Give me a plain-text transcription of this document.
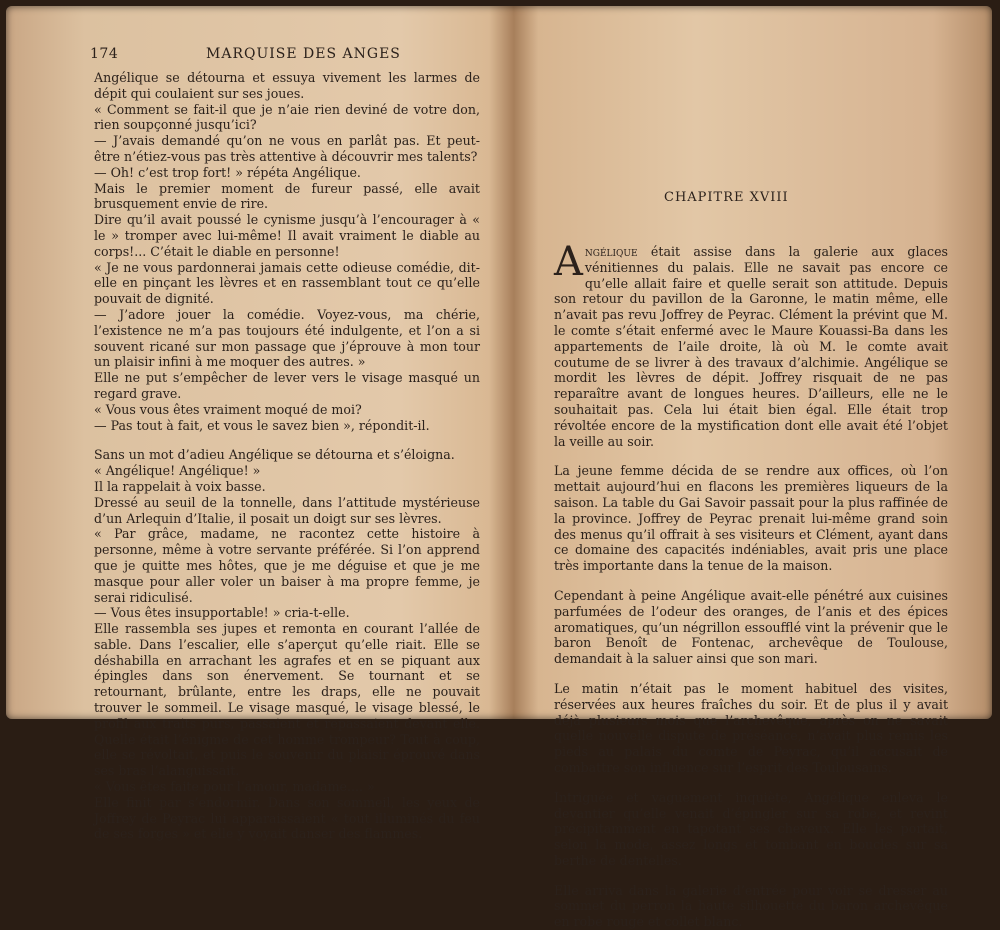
174	MARQUISE DES ANGES

Angélique se détourna et essuya vivement les larmes de dépit qui coulaient sur ses joues.

« Comment se fait-il que je n’aie rien deviné de votre don, rien soupçonné jusqu’ici?

— J’avais demandé qu’on ne vous en parlât pas. Et peut-être n’étiez-vous pas très attentive à découvrir mes talents?

— Oh! c’est trop fort! » répéta Angélique.

Mais le premier moment de fureur passé, elle avait brusquement envie de rire.

Dire qu’il avait poussé le cynisme jusqu’à l’encourager à « le » tromper avec lui-même! Il avait vraiment le diable au corps!... C’était le diable en personne!

« Je ne vous pardonnerai jamais cette odieuse comédie, dit-elle en pinçant les lèvres et en rassemblant tout ce qu’elle pouvait de dignité.

— J’adore jouer la comédie. Voyez-vous, ma chérie, l’existence ne m’a pas toujours été indulgente, et l’on a si souvent ricané sur mon passage que j’éprouve à mon tour un plaisir infini à me moquer des autres. »

Elle ne put s’empêcher de lever vers le visage masqué un regard grave.

« Vous vous êtes vraiment moqué de moi?

— Pas tout à fait, et vous le savez bien », répondit-il.

Sans un mot d’adieu Angélique se détourna et s’éloigna.

« Angélique! Angélique! »

Il la rappelait à voix basse.

Dressé au seuil de la tonnelle, dans l’attitude mystérieuse d’un Arlequin d’Italie, il posait un doigt sur ses lèvres.

« Par grâce, madame, ne racontez cette histoire à personne, même à votre servante préférée. Si l’on apprend que je quitte mes hôtes, que je me déguise et que je me masque pour aller voler un baiser à ma propre femme, je serai ridiculisé.

— Vous êtes insupportable! » cria-t-elle.

Elle rassembla ses jupes et remonta en courant l’allée de sable. Dans l’escalier, elle s’aperçut qu’elle riait. Elle se déshabilla en arrachant les agrafes et en se piquant aux épingles dans son énervement. Se tournant et se retournant, brûlante, entre les draps, elle ne pouvait trouver le sommeil. Le visage masqué, le visage blessé, le profil aux traits purs, passaient et repassaient devant elle. Quelle était l’énigme de cet homme trompeur? Tout à coup, elle se révoltait, et puis le souvenir du plaisir éprouvé dans ses bras l’alanguissait.

« Vous êtes faite pour l’amour, madame.... »

Elle finit par s’endormir. Dans son sommeil, les yeux de Joffrey de Peyrac lui apparaissaient « tout illuminés du feu de ses forges » et elle y voyait danser des flammes.

CHAPITRE XVIII

Angélique était assise dans la galerie aux glaces vénitiennes du palais. Elle ne savait pas encore ce qu’elle allait faire et quelle serait son attitude. Depuis son retour du pavillon de la Garonne, le matin même, elle n’avait pas revu Joffrey de Peyrac. Clément la prévint que M. le comte s’était enfermé avec le Maure Kouassi-Ba dans les appartements de l’aile droite, là où M. le comte avait coutume de se livrer à des travaux d’alchimie. Angélique se mordit les lèvres de dépit. Joffrey risquait de ne pas reparaître avant de longues heures. D’ailleurs, elle ne le souhaitait pas. Cela lui était bien égal. Elle était trop révoltée encore de la mystification dont elle avait été l’objet la veille au soir.

La jeune femme décida de se rendre aux offices, où l’on mettait aujourd’hui en flacons les premières liqueurs de la saison. La table du Gai Savoir passait pour la plus raffinée de la province. Joffrey de Peyrac prenait lui-même grand soin des menus qu’il offrait à ses visiteurs et Clément, ayant dans ce domaine des capacités indéniables, avait pris une place très importante dans la tenue de la maison.

Cependant à peine Angélique avait-elle pénétré aux cuisines parfumées de l’odeur des oranges, de l’anis et des épices aromatiques, qu’un négrillon essoufflé vint la prévenir que le baron Benoît de Fontenac, archevêque de Toulouse, demandait à la saluer ainsi que son mari.

Le matin n’était pas le moment habituel des visites, réservées aux heures fraîches du soir. Et de plus il y avait déjà plusieurs mois que l’archevêque, après on ne savait quelle nouvelle dispute de préséance, n’avait plus remis les pieds au palais du comte de Peyrac, qu’il accusait de combattre son influence sur l’esprit des Toulousains.

Intriguée et vaguement inquiète, Angélique enleva le devantier qu’elle venait d’épingler sur sa robe, et revint précipitamment en tapotant ses cheveux. Elle les portait, selon la mode, assez longs et tombant en boucles sur sa berthe de dentelles.

Elle arriva dans la galerie d’entrée pour voir se dresser au sommet du perron la haute silhouette du baron archevêque en robe rouge et collet blanc.
